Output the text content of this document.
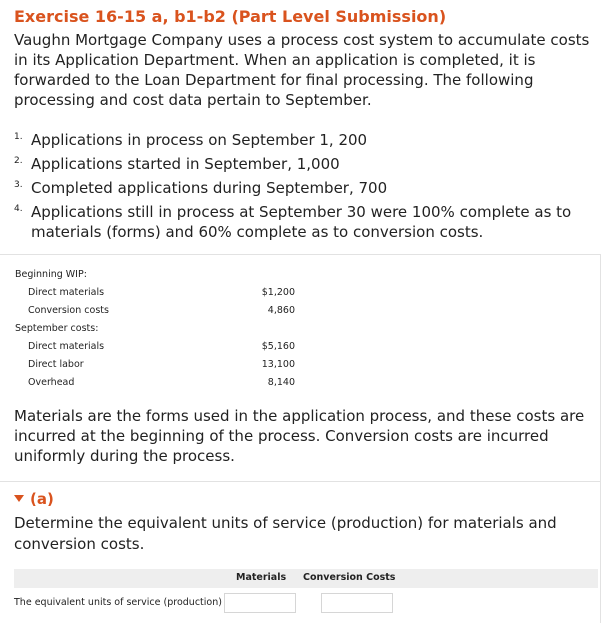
Exercise 16-15 a, b1-b2 (Part Level Submission)

Vaughn Mortgage Company uses a process cost system to accumulate costs in its Application Department. When an application is completed, it is forwarded to the Loan Department for final processing. The following processing and cost data pertain to September.

1. Applications in process on September 1, 200
2. Applications started in September, 1,000
3. Completed applications during September, 700
4. Applications still in process at September 30 were 100% complete as to materials (forms) and 60% complete as to conversion costs.
Beginning WIP:
Direct materials	$1,200
Conversion costs	4,860
September costs:
Direct materials	$5,160
Direct labor	13,100
Overhead	8,140

Materials are the forms used in the application process, and these costs are incurred at the beginning of the process. Conversion costs are incurred uniformly during the process.

(a)

Determine the equivalent units of service (production) for materials and conversion costs.

Materials Conversion Costs
The equivalent units of service (production)
